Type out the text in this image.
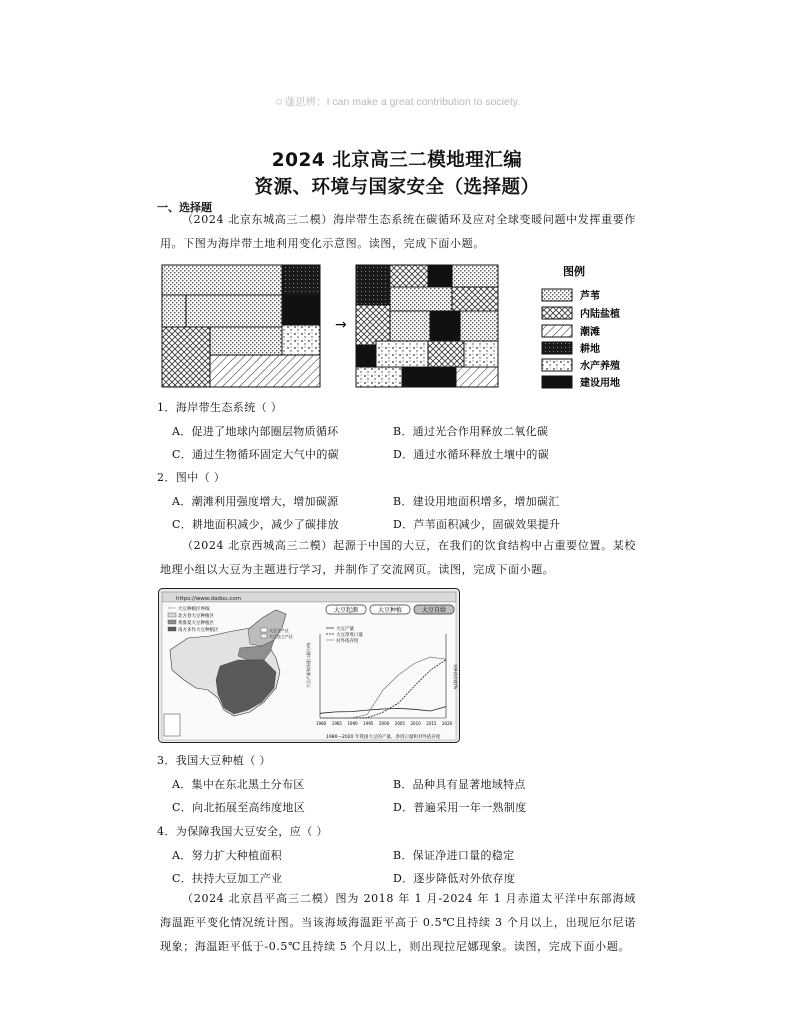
☺蓬思辨：I can make a great contribution to society.
2024 北京高三二模地理汇编
资源、环境与国家安全（选择题）
一、选择题
（2024 北京东城高三二模）海岸带生态系统在碳循环及应对全球变暖问题中发挥重要作用。下图为海岸带土地利用变化示意图。读图，完成下面小题。
→
图例
芦苇
内陆盐植
潮滩
耕地
水产养殖
建设用地
1．海岸带生态系统（ ）
A．促进了地球内部圈层物质循环	B．通过光合作用释放二氧化碳
C．通过生物循环固定大气中的碳	D．通过水循环释放土壤中的碳
2．图中（ ）
A．潮滩利用强度增大，增加碳源	B．建设用地面积增多，增加碳汇
C．耕地面积减少，减少了碳排放	D．芦苇面积减少，固碳效果提升
（2024 北京西城高三二模）起源于中国的大豆，在我们的饮食结构中占重要位置。某校地理小组以大豆为主题进行学习，并制作了交流网页。读图，完成下面小题。
https://www.dadou.com
大豆起源	大豆种植	大豆自给
大豆种植区界线
北方春大豆种植区
黄淮夏大豆种植区
南方多作大豆种植区	大豆主产区
大豆次主产区
大豆产量和净进口量/万吨	对外依存度/%
大豆产量
大豆净进口量
对外依存度
1980—2020 年我国大豆的产量、净进口量和对外依存度
1980 1985 1990 1995 2000 2005 2010 2015 2020
3．我国大豆种植（ ）
A．集中在东北黑土分布区	B．品种具有显著地域特点
C．向北拓展至高纬度地区	D．普遍采用一年一熟制度
4．为保障我国大豆安全，应（ ）
A．努力扩大种植面积	B．保证净进口量的稳定
C．扶持大豆加工产业	D．逐步降低对外依存度
（2024 北京昌平高三二模）图为 2018 年 1 月-2024 年 1 月赤道太平洋中东部海域海温距平变化情况统计图。当该海域海温距平高于 0.5℃且持续 3 个月以上，出现厄尔尼诺现象；海温距平低于-0.5℃且持续 5 个月以上，则出现拉尼娜现象。读图，完成下面小题。
